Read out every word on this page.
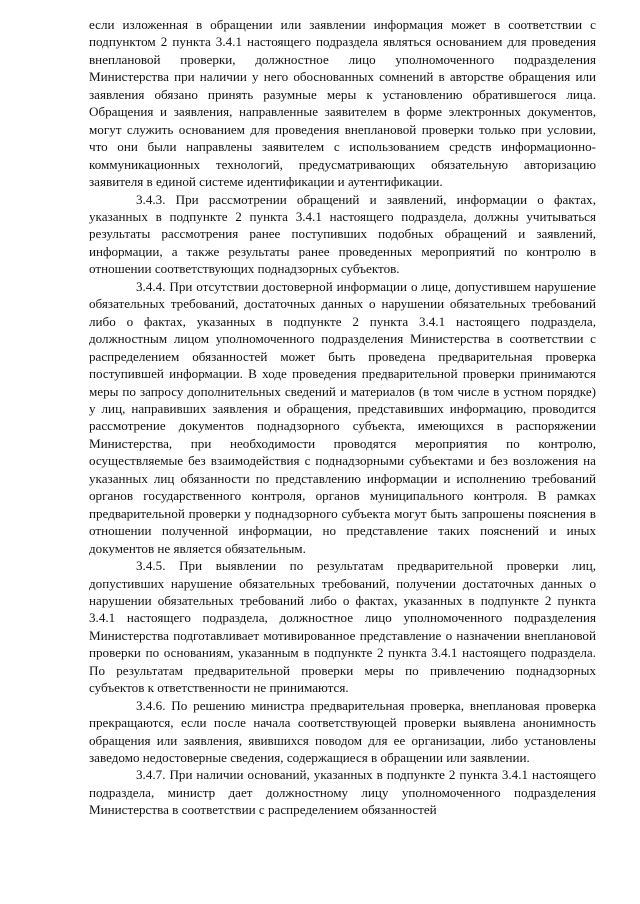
если изложенная в обращении или заявлении информация может в соответствии с подпунктом 2 пункта 3.4.1 настоящего подраздела являться основанием для проведения внеплановой проверки, должностное лицо уполномоченного подразделения Министерства при наличии у него обоснованных сомнений в авторстве обращения или заявления обязано принять разумные меры к установлению обратившегося лица. Обращения и заявления, направленные заявителем в форме электронных документов, могут служить основанием для проведения внеплановой проверки только при условии, что они были направлены заявителем с использованием средств информационно-коммуникационных технологий, предусматривающих обязательную авторизацию заявителя в единой системе идентификации и аутентификации.

3.4.3. При рассмотрении обращений и заявлений, информации о фактах, указанных в подпункте 2 пункта 3.4.1 настоящего подраздела, должны учитываться результаты рассмотрения ранее поступивших подобных обращений и заявлений, информации, а также результаты ранее проведенных мероприятий по контролю в отношении соответствующих поднадзорных субъектов.

3.4.4. При отсутствии достоверной информации о лице, допустившем нарушение обязательных требований, достаточных данных о нарушении обязательных требований либо о фактах, указанных в подпункте 2 пункта 3.4.1 настоящего подраздела, должностным лицом уполномоченного подразделения Министерства в соответствии с распределением обязанностей может быть проведена предварительная проверка поступившей информации. В ходе проведения предварительной проверки принимаются меры по запросу дополнительных сведений и материалов (в том числе в устном порядке) у лиц, направивших заявления и обращения, представивших информацию, проводится рассмотрение документов поднадзорного субъекта, имеющихся в распоряжении Министерства, при необходимости проводятся мероприятия по контролю, осуществляемые без взаимодействия с поднадзорными субъектами и без возложения на указанных лиц обязанности по представлению информации и исполнению требований органов государственного контроля, органов муниципального контроля. В рамках предварительной проверки у поднадзорного субъекта могут быть запрошены пояснения в отношении полученной информации, но представление таких пояснений и иных документов не является обязательным.

3.4.5. При выявлении по результатам предварительной проверки лиц, допустивших нарушение обязательных требований, получении достаточных данных о нарушении обязательных требований либо о фактах, указанных в подпункте 2 пункта 3.4.1 настоящего подраздела, должностное лицо уполномоченного подразделения Министерства подготавливает мотивированное представление о назначении внеплановой проверки по основаниям, указанным в подпункте 2 пункта 3.4.1 настоящего подраздела. По результатам предварительной проверки меры по привлечению поднадзорных субъектов к ответственности не принимаются.

3.4.6. По решению министра предварительная проверка, внеплановая проверка прекращаются, если после начала соответствующей проверки выявлена анонимность обращения или заявления, явившихся поводом для ее организации, либо установлены заведомо недостоверные сведения, содержащиеся в обращении или заявлении.

3.4.7. При наличии оснований, указанных в подпункте 2 пункта 3.4.1 настоящего подраздела, министр дает должностному лицу уполномоченного подразделения Министерства в соответствии с распределением обязанностей
